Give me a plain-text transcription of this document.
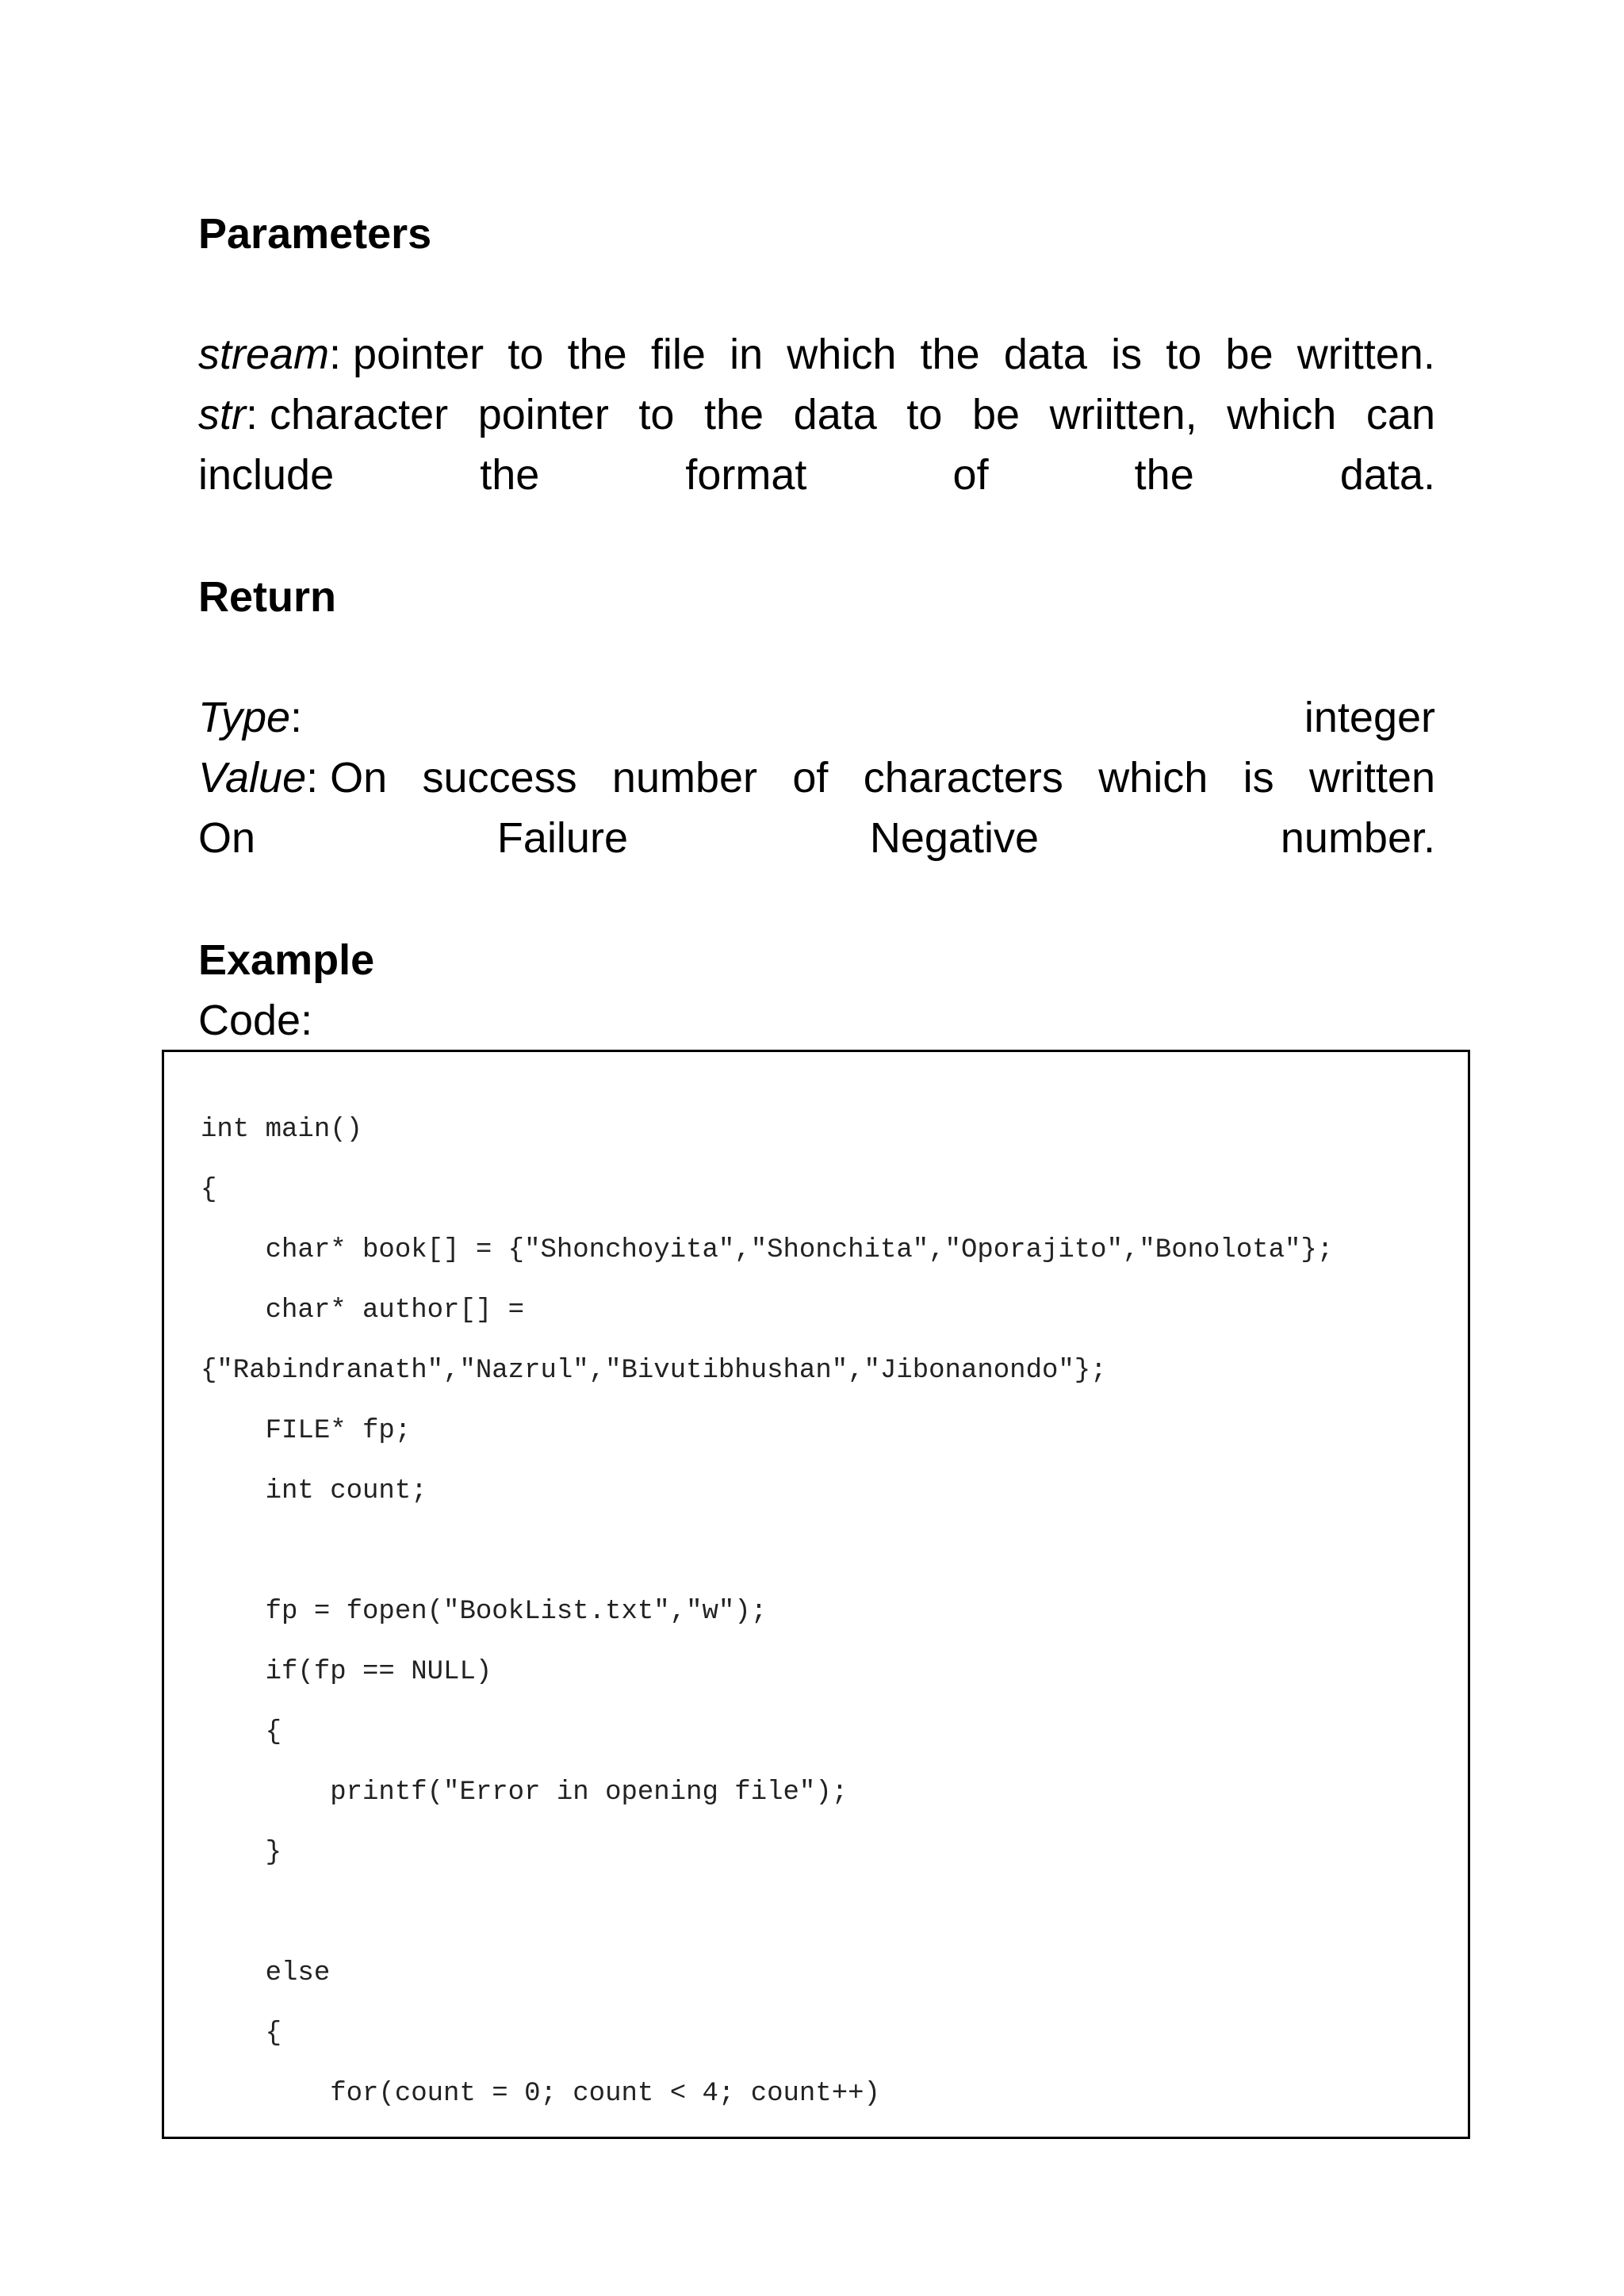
Parameters
stream: pointer to the file in which the data is to be written.
str: character pointer to the data to be wriitten, which can
include	the	format	of	the	data.
Return
Type:	integer
Value: On success number of characters which is written
On	Failure	Negative	number.
Example
Code:
int main()
{
char* book[] = {"Shonchoyita","Shonchita","Oporajito","Bonolota"};
char* author[] =
{"Rabindranath","Nazrul","Bivutibhushan","Jibonanondo"};
FILE* fp;
int count;
fp = fopen("BookList.txt","w");
if(fp == NULL)
{
printf("Error in opening file");
}
else
{
for(count = 0; count < 4; count++)
